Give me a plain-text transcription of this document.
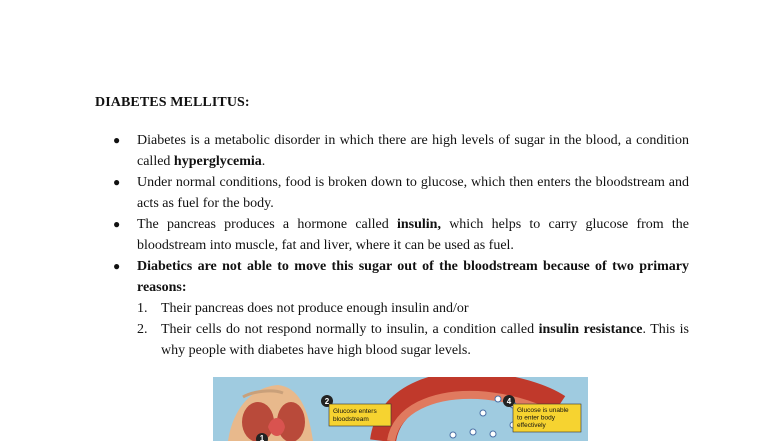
DIABETES MELLITUS:
● Diabetes is a metabolic disorder in which there are high levels of sugar in the blood, a condition called hyperglycemia.
● Under normal conditions, food is broken down to glucose, which then enters the bloodstream and acts as fuel for the body.
● The pancreas produces a hormone called insulin, which helps to carry glucose from the bloodstream into muscle, fat and liver, where it can be used as fuel.
● Diabetics are not able to move this sugar out of the bloodstream because of two primary reasons:
1. Their pancreas does not produce enough insulin and/or
2. Their cells do not respond normally to insulin, a condition called insulin resistance. This is why people with diabetes have high blood sugar levels.
2
Glucose enters bloodstream
4
Glucose is unable to enter body effectively
1
